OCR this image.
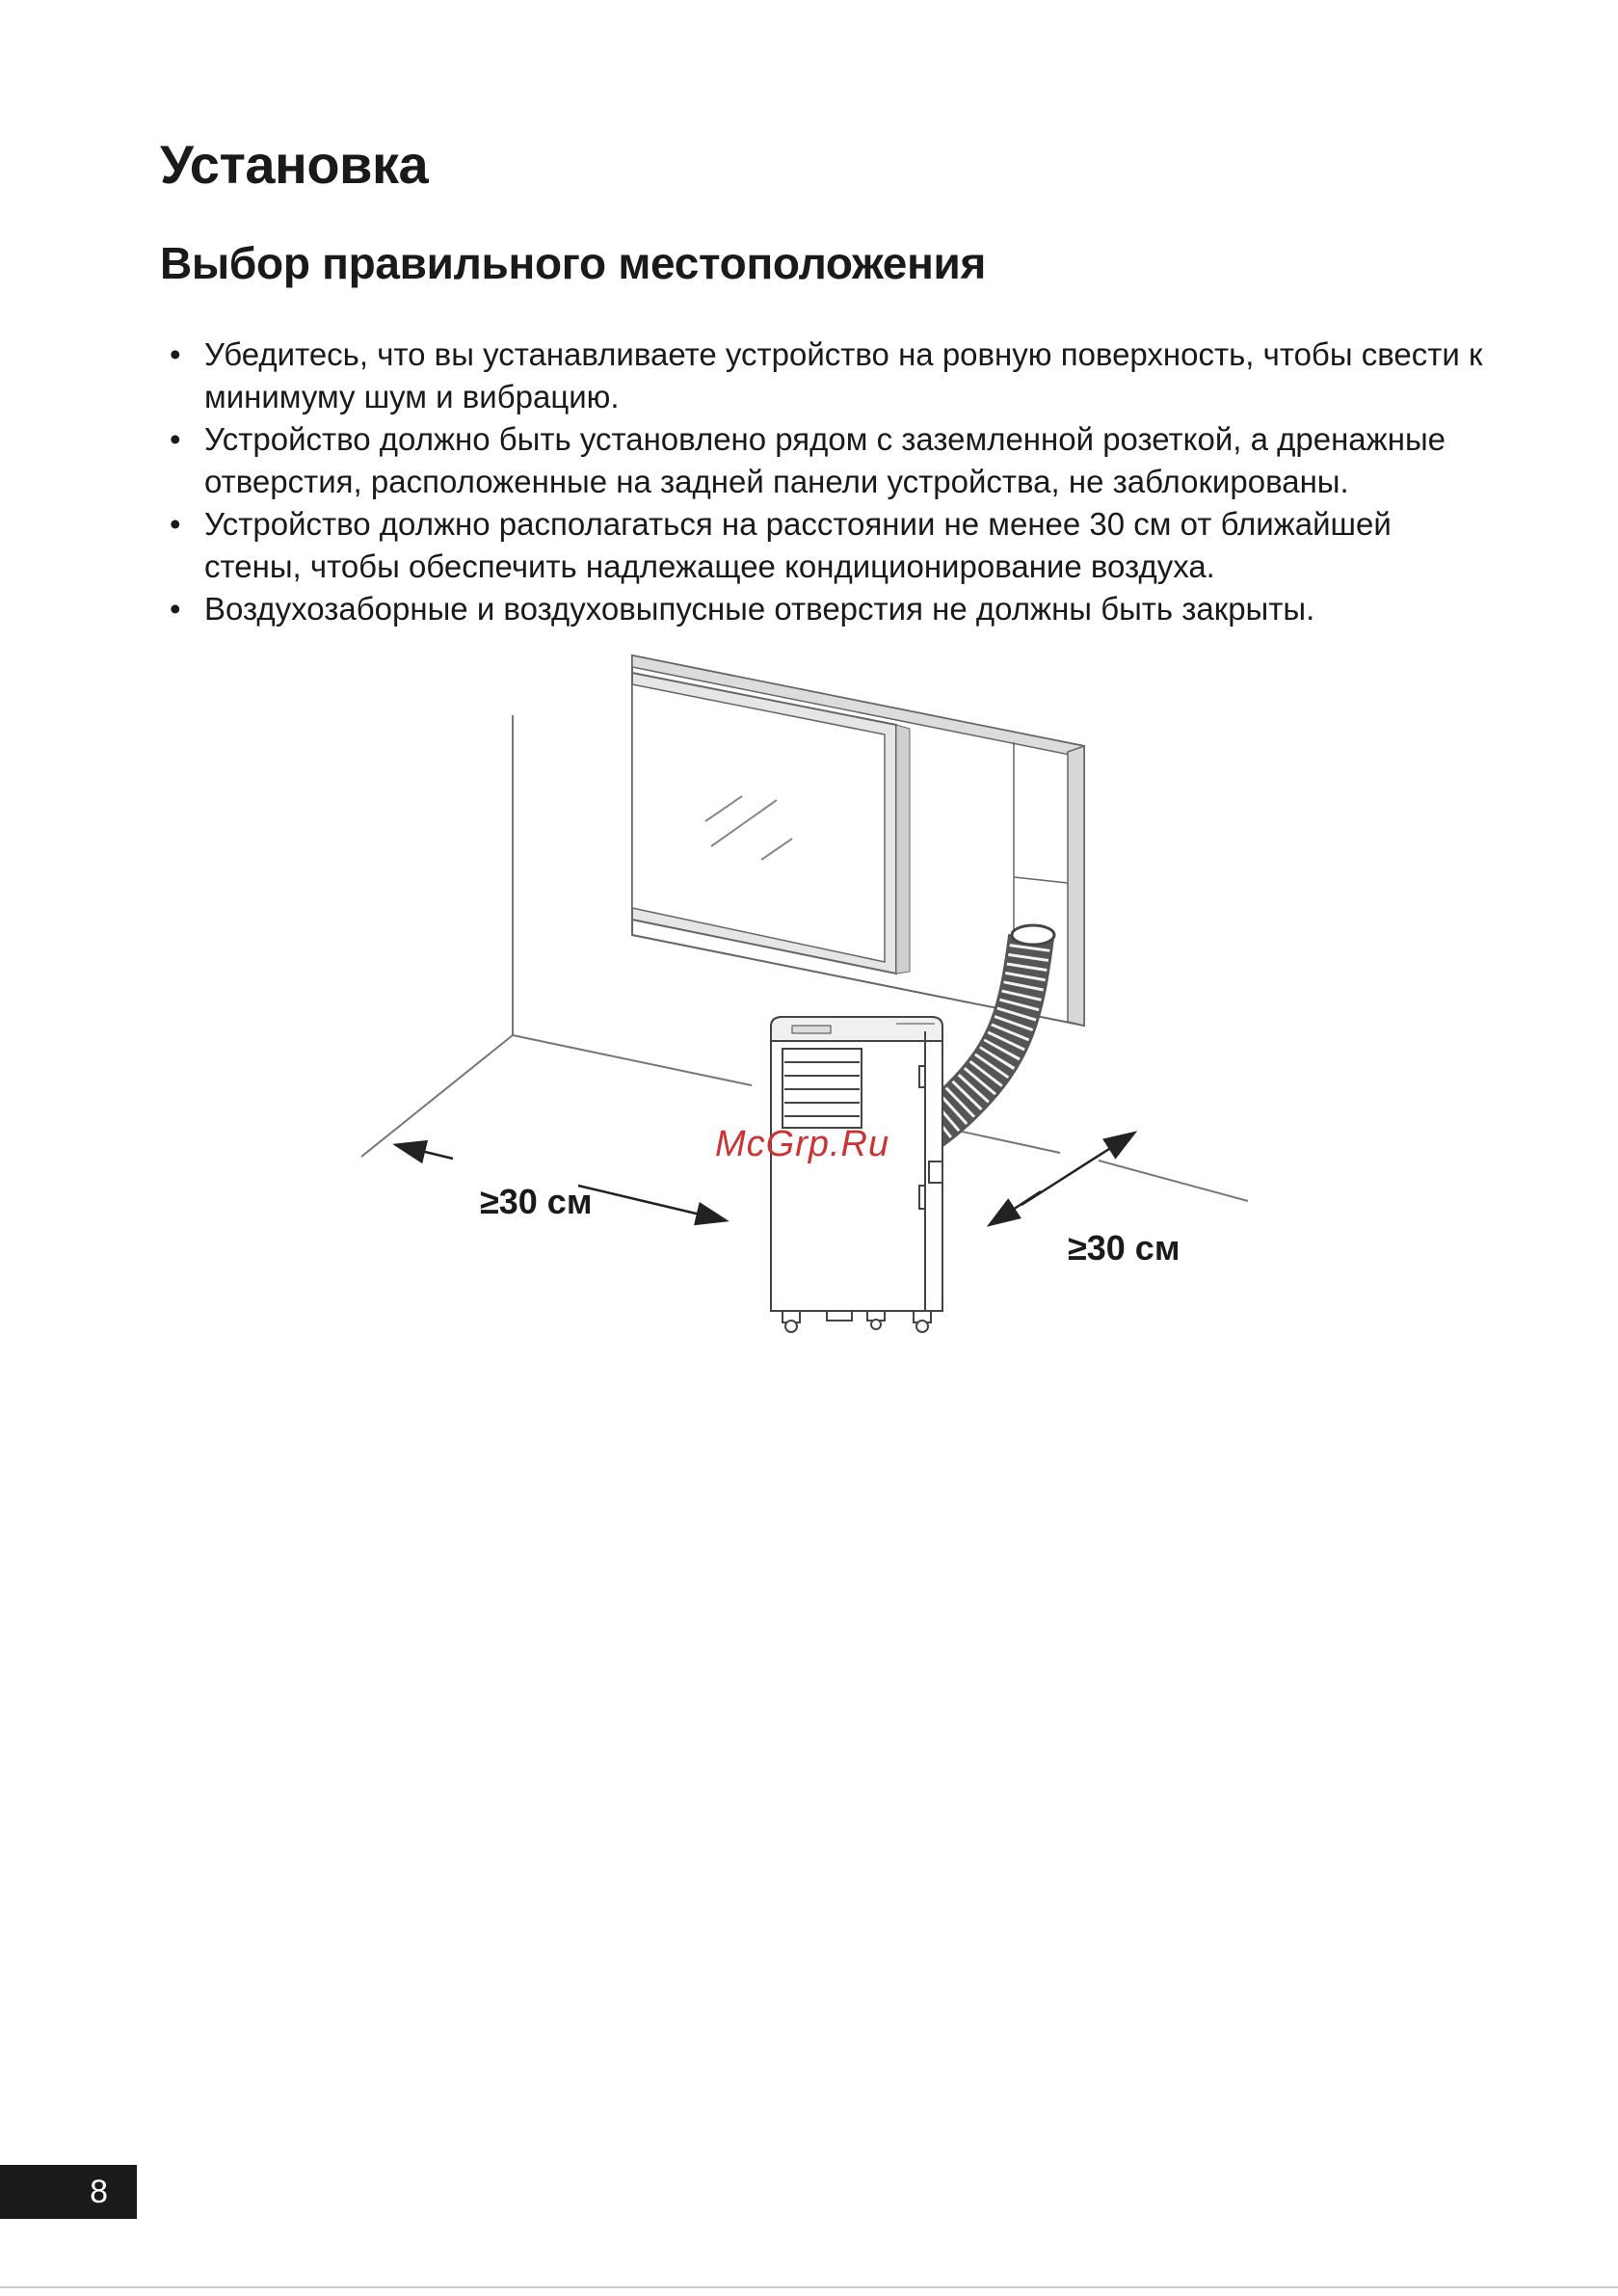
Установка
Выбор правильного местоположения
• Убедитесь, что вы устанавливаете устройство на ровную поверхность, чтобы свести к минимуму шум и вибрацию.
• Устройство должно быть установлено рядом с заземленной розеткой, а дренажные отверстия, расположенные на задней панели устройства, не заблокированы.
• Устройство должно располагаться на расстоянии не менее 30 см от ближайшей стены, чтобы обеспечить надлежащее кондиционирование воздуха.
• Воздухозаборные и воздуховыпусные отверстия не должны быть закрыты.
McGrp.Ru
≥30 см
≥30 см
8
